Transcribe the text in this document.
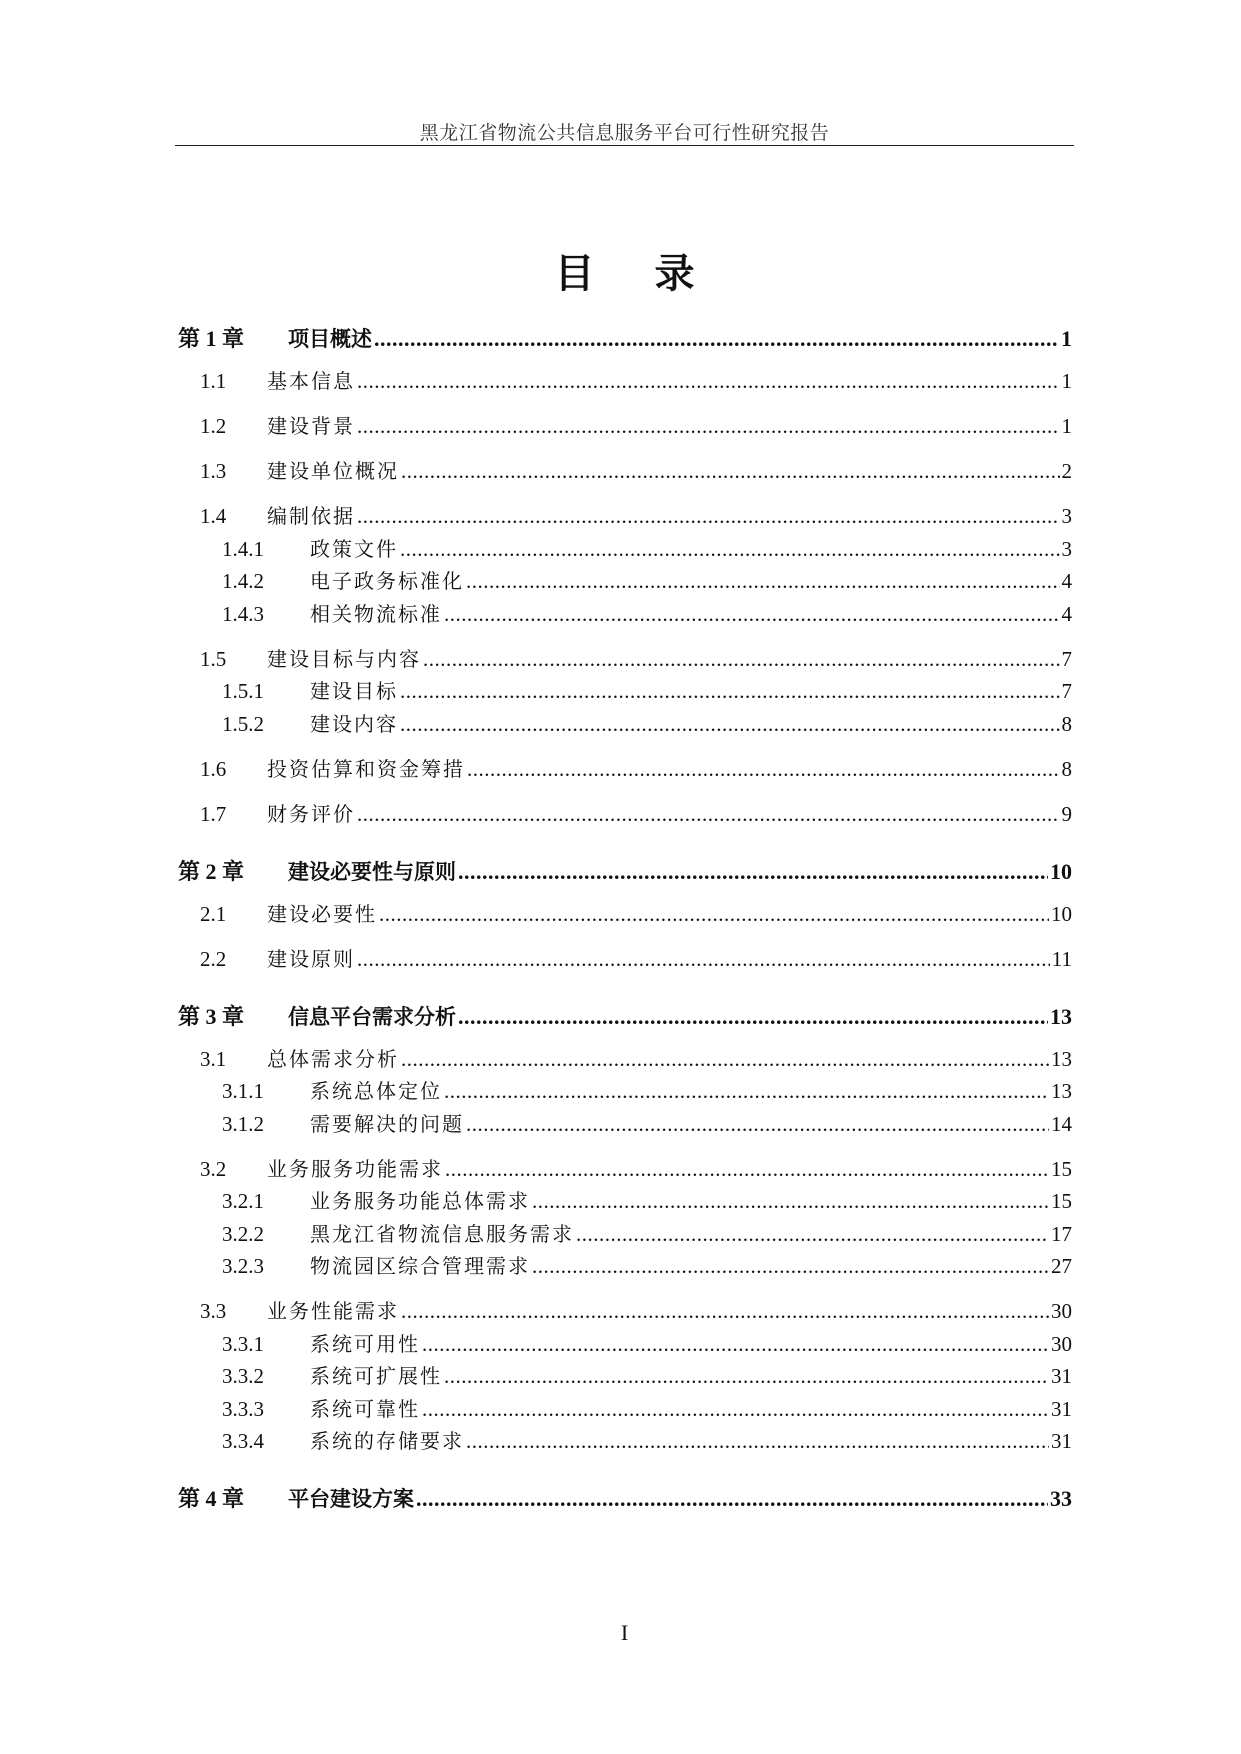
黑龙江省物流公共信息服务平台可行性研究报告
目录
第 1 章	项目概述 .....	1
1.1	基本信息 .....	1
1.2	建设背景 .....	1
1.3	建设单位概况 .....	2
1.4	编制依据 .....	3
1.4.1	政策文件 .....	3
1.4.2	电子政务标准化 .....	4
1.4.3	相关物流标准 .....	4
1.5	建设目标与内容 .....	7
1.5.1	建设目标 .....	7
1.5.2	建设内容 .....	8
1.6	投资估算和资金筹措 .....	8
1.7	财务评价 .....	9
第 2 章	建设必要性与原则 .....	10
2.1	建设必要性 .....	10
2.2	建设原则 .....	11
第 3 章	信息平台需求分析 .....	13
3.1	总体需求分析 .....	13
3.1.1	系统总体定位 .....	13
3.1.2	需要解决的问题 .....	14
3.2	业务服务功能需求 .....	15
3.2.1	业务服务功能总体需求 .....	15
3.2.2	黑龙江省物流信息服务需求 .....	17
3.2.3	物流园区综合管理需求 .....	27
3.3	业务性能需求 .....	30
3.3.1	系统可用性 .....	30
3.3.2	系统可扩展性 .....	31
3.3.3	系统可靠性 .....	31
3.3.4	系统的存储要求 .....	31
第 4 章	平台建设方案 .....	33
I
